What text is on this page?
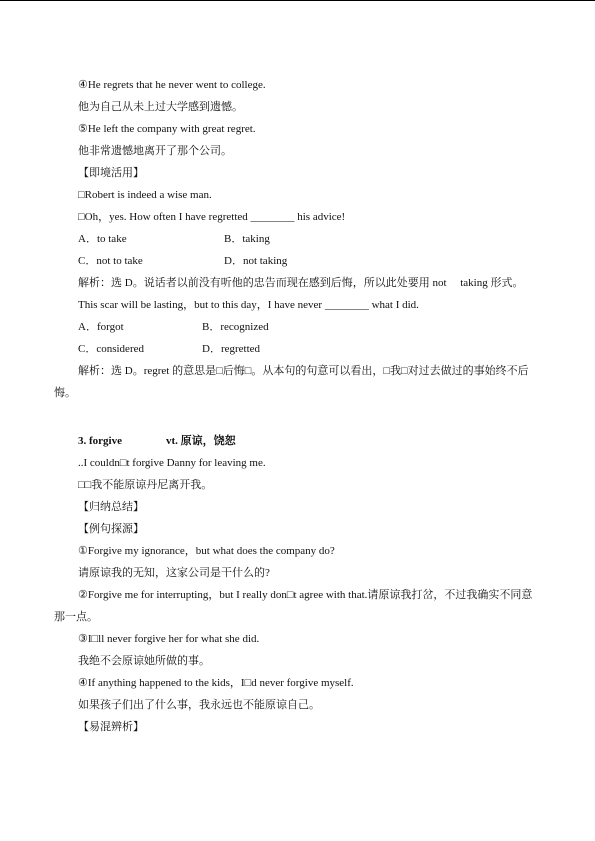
④He regrets that he never went to college.
他为自己从未上过大学感到遗憾。
⑤He left the company with great regret.
他非常遗憾地离开了那个公司。
【即境活用】
□Robert is indeed a wise man.
□Oh，yes. How often I have regretted ________ his advice!
A．to take	B．taking
C．not to take	D．not taking
解析：选 D。说话者以前没有听他的忠告而现在感到后悔，所以此处要用 not　 taking 形式。
This scar will be lasting，but to this day，I have never ________ what I did.
A．forgot	B．recognized
C．considered	D．regretted
解析：选 D。regret 的意思是□后悔□。从本句的句意可以看出，□我□对过去做过的事始终不后悔。
3. forgive	vt. 原谅，饶恕
..I couldn□t forgive Danny for leaving me.
□□我不能原谅丹尼离开我。
【归纳总结】
【例句探源】
①Forgive my ignorance，but what does the company do?
请原谅我的无知，这家公司是干什么的?
②Forgive me for interrupting，but I really don□t agree with that.请原谅我打岔，不过我确实不同意那一点。
③I□ll never forgive her for what she did.
我绝不会原谅她所做的事。
④If anything happened to the kids，I□d never forgive myself.
如果孩子们出了什么事，我永远也不能原谅自己。
【易混辨析】
